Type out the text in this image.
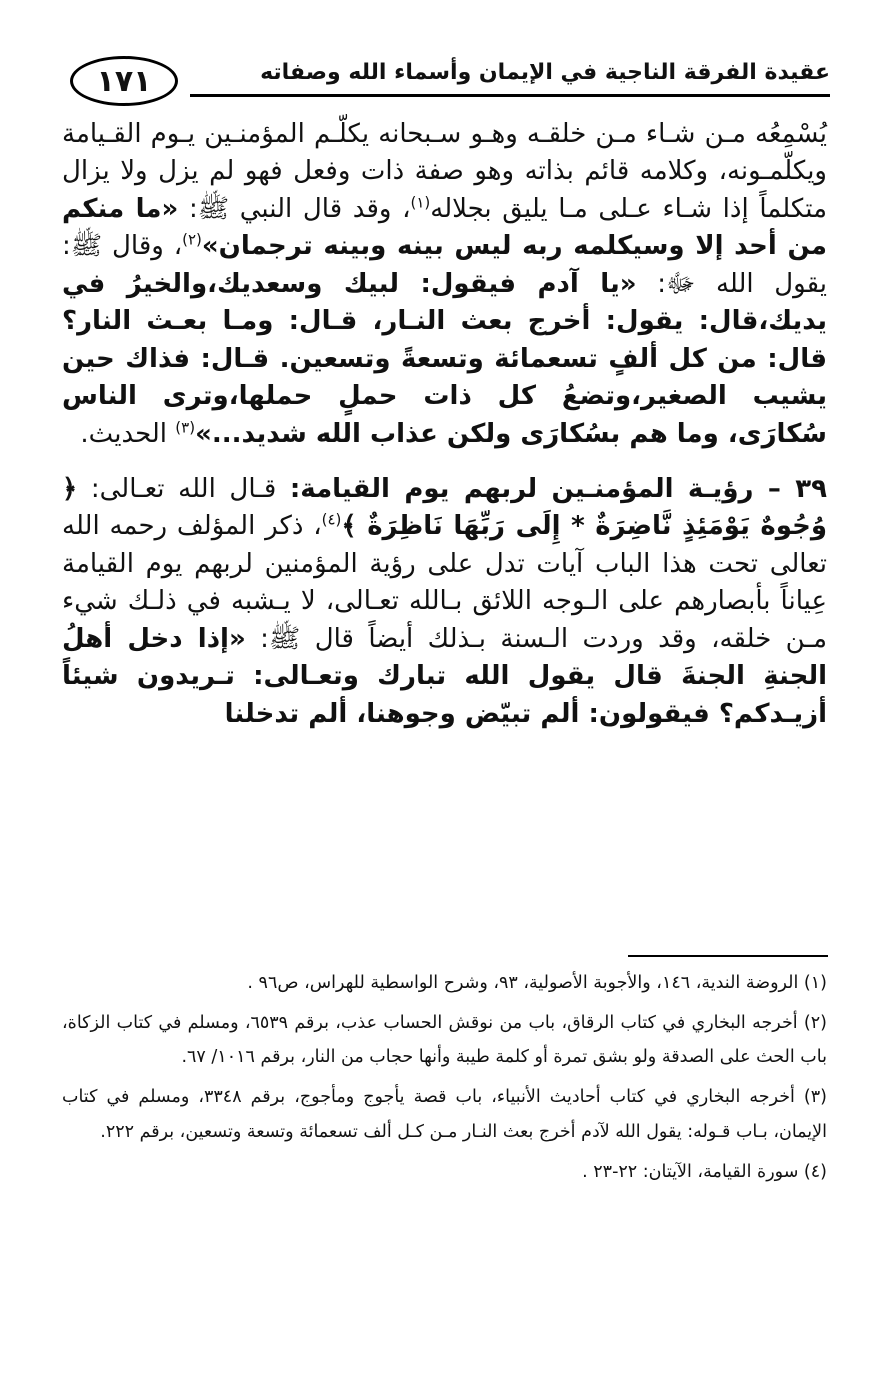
عقيدة الفرقة الناجية في الإيمان وأسماء الله وصفاته
١٧١

يُسْمِعُه مـن شـاء مـن خلقـه وهـو سـبحانه يكلّـم المؤمنـين يـوم القـيامة ويكلّمـونه، وكلامه قائم بذاته وهو صفة ذات وفعل فهو لم يزل ولا يزال متكلماً إذا شـاء عـلى مـا يليق بجلاله$^{(١)}$، وقد قال النبي ﷺ: «ما منكم من أحد إلا وسيكلمه ربه ليس بينه وبينه ترجمان»$^{(٢)}$، وقال ﷺ: يقول الله ﷻ: «يا آدم فيقول: لبيك وسعديك،والخيرُ في يديك،قال: يقول: أخرج بعث النـار، قـال: ومـا بعـث النار؟ قال: من كل ألفٍ تسعمائة وتسعةً وتسعين. قـال: فذاك حين يشيب الصغير،وتضعُ كل ذات حملٍ حملها،وترى الناس سُكارَى، وما هم بسُكارَى ولكن عذاب الله شديد...»$^{(٣)}$ الحديث.

٣٩ – رؤيـة المؤمنـين لربهم يوم القيامة: قـال الله تعـالى: ﴿ وُجُوهٌ يَوْمَئِذٍ نَّاضِرَةٌ * إِلَى رَبِّهَا نَاظِرَةٌ ﴾$^{(٤)}$، ذكر المؤلف رحمه الله تعالى تحت هذا الباب آيات تدل على رؤية المؤمنين لربهم يوم القيامة عِياناً بأبصارهم على الـوجه اللائق بـالله تعـالى، لا يـشبه في ذلـك شيء مـن خلقه، وقد وردت الـسنة بـذلك أيضاً قال ﷺ: «إذا دخل أهلُ الجنةِ الجنةَ قال يقول الله تبارك وتعـالى: تـريدون شيئاً أزيـدكم؟ فيقولون: ألم تبيّض وجوهنا، ألم تدخلنا

(١) الروضة الندية، ١٤٦، والأجوبة الأصولية، ٩٣، وشرح الواسطية للهراس، ص٩٦ .

(٢) أخرجه البخاري في كتاب الرقاق، باب من نوقش الحساب عذب، برقم ٦٥٣٩، ومسلم في كتاب الزكاة، باب الحث على الصدقة ولو بشق تمرة أو كلمة طيبة وأنها حجاب من النار، برقم ١٠١٦/ ٦٧.

(٣) أخرجه البخاري في كتاب أحاديث الأنبياء، باب قصة يأجوج ومأجوج، برقم ٣٣٤٨، ومسلم في كتاب الإيمان، بـاب قـوله: يقول الله لآدم أخرج بعث النـار مـن كـل ألف تسعمائة وتسعة وتسعين، برقم ٢٢٢.

(٤) سورة القيامة، الآيتان: ٢٢-٢٣ .
